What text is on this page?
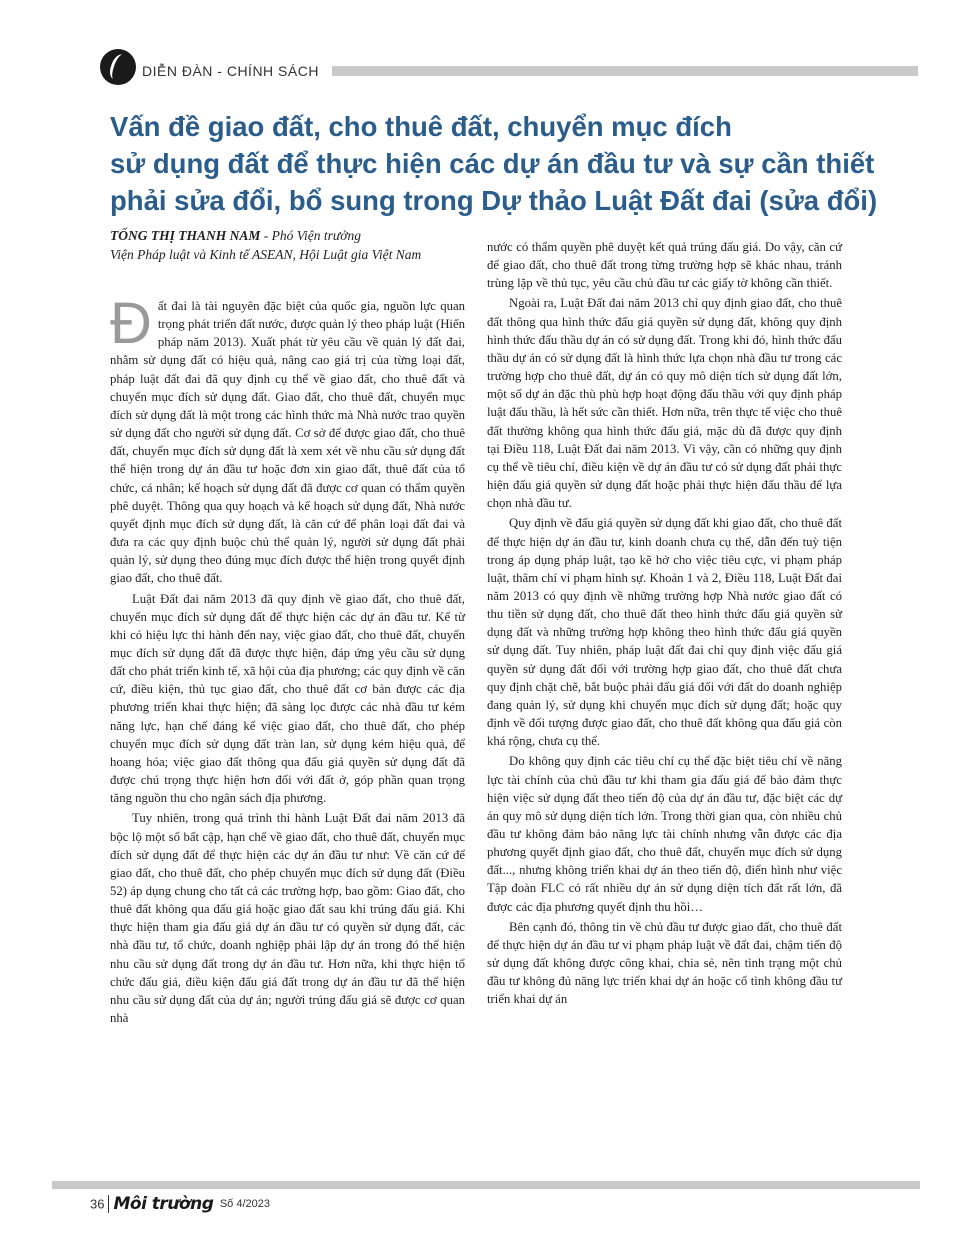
DIỄN ĐÀN - CHÍNH SÁCH
Vấn đề giao đất, cho thuê đất, chuyển mục đích
sử dụng đất để thực hiện các dự án đầu tư và sự cần thiết
phải sửa đổi, bổ sung trong Dự thảo Luật Đất đai (sửa đổi)
TỐNG THỊ THANH NAM - Phó Viện trưởng
Viện Pháp luật và Kinh tế ASEAN, Hội Luật gia Việt Nam

Đất đai là tài nguyên đặc biệt của quốc gia, nguồn lực quan trọng phát triển đất nước, được quản lý theo pháp luật (Hiến pháp năm 2013). Xuất phát từ yêu cầu về quản lý đất đai, nhằm sử dụng đất có hiệu quả, nâng cao giá trị của từng loại đất, pháp luật đất đai đã quy định cụ thể về giao đất, cho thuê đất và chuyển mục đích sử dụng đất. Giao đất, cho thuê đất, chuyển mục đích sử dụng đất là một trong các hình thức mà Nhà nước trao quyền sử dụng đất cho người sử dụng đất. Cơ sở để được giao đất, cho thuê đất, chuyển mục đích sử dụng đất là xem xét về nhu cầu sử dụng đất thể hiện trong dự án đầu tư hoặc đơn xin giao đất, thuê đất của tổ chức, cá nhân; kế hoạch sử dụng đất đã được cơ quan có thẩm quyền phê duyệt. Thông qua quy hoạch và kế hoạch sử dụng đất, Nhà nước quyết định mục đích sử dụng đất, là căn cứ để phân loại đất đai và đưa ra các quy định buộc chủ thể quản lý, người sử dụng đất phải quản lý, sử dụng theo đúng mục đích được thể hiện trong quyết định giao đất, cho thuê đất.

Luật Đất đai năm 2013 đã quy định về giao đất, cho thuê đất, chuyển mục đích sử dụng đất để thực hiện các dự án đầu tư. Kể từ khi có hiệu lực thi hành đến nay, việc giao đất, cho thuê đất, chuyển mục đích sử dụng đất đã được thực hiện, đáp ứng yêu cầu sử dụng đất cho phát triển kinh tế, xã hội của địa phương; các quy định về căn cứ, điều kiện, thủ tục giao đất, cho thuê đất cơ bản được các địa phương triển khai thực hiện; đã sàng lọc được các nhà đầu tư kém năng lực, hạn chế đáng kể việc giao đất, cho thuê đất, cho phép chuyển mục đích sử dụng đất tràn lan, sử dụng kém hiệu quả, để hoang hóa; việc giao đất thông qua đấu giá quyền sử dụng đất đã được chú trọng thực hiện hơn đối với đất ở, góp phần quan trọng tăng nguồn thu cho ngân sách địa phương.

Tuy nhiên, trong quá trình thi hành Luật Đất đai năm 2013 đã bộc lộ một số bất cập, hạn chế về giao đất, cho thuê đất, chuyển mục đích sử dụng đất để thực hiện các dự án đầu tư như: Về căn cứ để giao đất, cho thuê đất, cho phép chuyển mục đích sử dụng đất (Điều 52) áp dụng chung cho tất cả các trường hợp, bao gồm: Giao đất, cho thuê đất không qua đấu giá hoặc giao đất sau khi trúng đấu giá. Khi thực hiện tham gia đấu giá dự án đầu tư có quyền sử dụng đất, các nhà đầu tư, tổ chức, doanh nghiệp phải lập dự án trong đó thể hiện nhu cầu sử dụng đất trong dự án đầu tư. Hơn nữa, khi thực hiện tổ chức đấu giá, điều kiện đấu giá đất trong dự án đầu tư đã thể hiện nhu cầu sử dụng đất của dự án; người trúng đấu giá sẽ được cơ quan nhà

nước có thẩm quyền phê duyệt kết quả trúng đấu giá. Do vậy, căn cứ để giao đất, cho thuê đất trong từng trường hợp sẽ khác nhau, tránh trùng lặp về thủ tục, yêu cầu chủ đầu tư các giấy tờ không cần thiết.

Ngoài ra, Luật Đất đai năm 2013 chỉ quy định giao đất, cho thuê đất thông qua hình thức đấu giá quyền sử dụng đất, không quy định hình thức đấu thầu dự án có sử dụng đất. Trong khi đó, hình thức đấu thầu dự án có sử dụng đất là hình thức lựa chọn nhà đầu tư trong các trường hợp cho thuê đất, dự án có quy mô diện tích sử dụng đất lớn, một số dự án đặc thù phù hợp hoạt động đấu thầu với quy định pháp luật đấu thầu, là hết sức cần thiết. Hơn nữa, trên thực tế việc cho thuê đất thường không qua hình thức đấu giá, mặc dù đã được quy định tại Điều 118, Luật Đất đai năm 2013. Vì vậy, cần có những quy định cụ thể về tiêu chí, điều kiện về dự án đầu tư có sử dụng đất phải thực hiện đấu giá quyền sử dụng đất hoặc phải thực hiện đấu thầu để lựa chọn nhà đầu tư.

Quy định về đấu giá quyền sử dụng đất khi giao đất, cho thuê đất để thực hiện dự án đầu tư, kinh doanh chưa cụ thể, dẫn đến tuỳ tiện trong áp dụng pháp luật, tạo kẽ hở cho việc tiêu cực, vi phạm pháp luật, thâm chí vi phạm hình sự. Khoản 1 và 2, Điều 118, Luật Đất đai năm 2013 có quy định về những trường hợp Nhà nước giao đất có thu tiền sử dụng đất, cho thuê đất theo hình thức đấu giá quyền sử dụng đất và những trường hợp không theo hình thức đấu giá quyền sử dụng đất. Tuy nhiên, pháp luật đất đai chỉ quy định việc đấu giá quyền sử dụng đất đối với trường hợp giao đất, cho thuê đất chưa quy định chặt chẽ, bắt buộc phải đấu giá đối với đất do doanh nghiệp đang quản lý, sử dụng khi chuyển mục đích sử dụng đất; hoặc quy định về đối tượng được giao đất, cho thuê đất không qua đấu giá còn khá rộng, chưa cụ thể.

Do không quy định các tiêu chí cụ thể đặc biệt tiêu chí về năng lực tài chính của chủ đầu tư khi tham gia đấu giá để bảo đảm thực hiện việc sử dụng đất theo tiến độ của dự án đầu tư, đặc biệt các dự án quy mô sử dụng diện tích lớn. Trong thời gian qua, còn nhiều chủ đầu tư không đảm bảo năng lực tài chính nhưng vẫn được các địa phương quyết định giao đất, cho thuê đất, chuyển mục đích sử dụng đất..., nhưng không triển khai dự án theo tiến độ, điển hình như việc Tập đoàn FLC có rất nhiều dự án sử dụng diện tích đất rất lớn, đã được các địa phương quyết định thu hồi…

Bên cạnh đó, thông tin về chủ đầu tư được giao đất, cho thuê đất để thực hiện dự án đầu tư vi phạm pháp luật về đất đai, chậm tiến độ sử dụng đất không được công khai, chia sẻ, nên tình trạng một chủ đầu tư không đủ năng lực triển khai dự án hoặc cố tình không đầu tư triển khai dự án

36 Môi trường Số 4/2023
